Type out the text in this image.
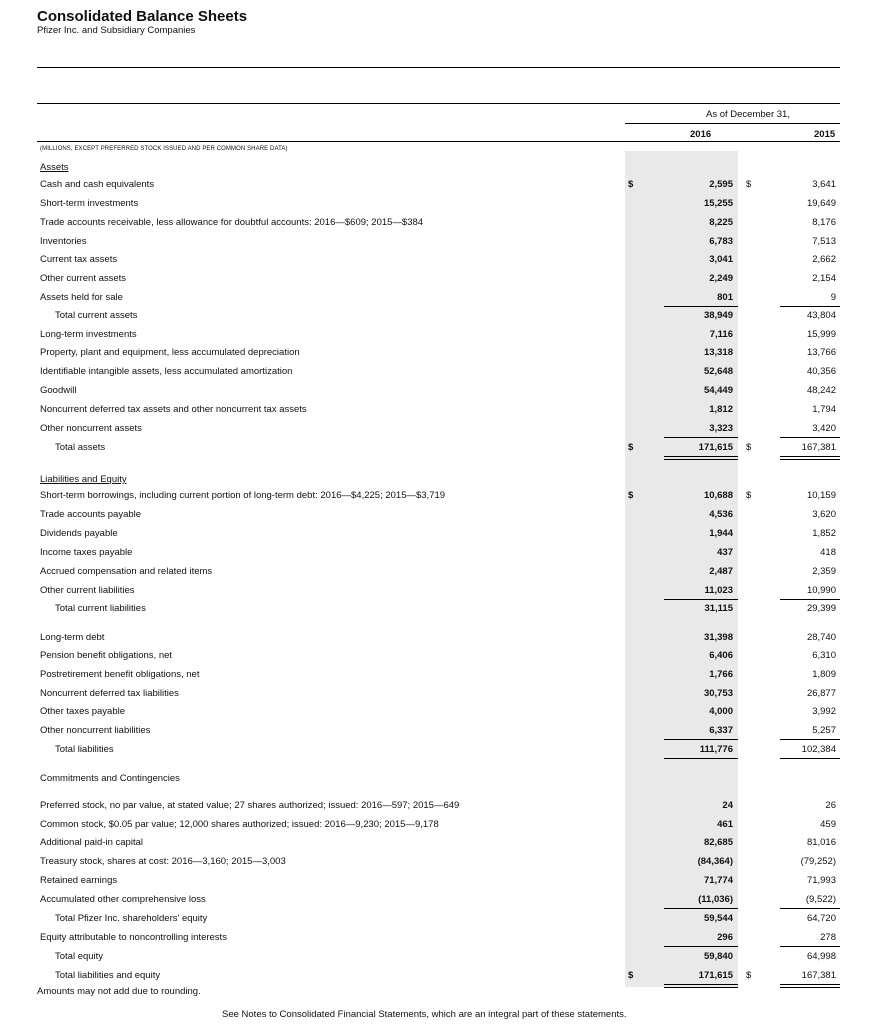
Consolidated Balance Sheets
Pfizer Inc. and Subsidiary Companies
(MILLIONS, EXCEPT PREFERRED STOCK ISSUED AND PER COMMON SHARE DATA)
As of December 31,
2016	2015
Assets
Cash and cash equivalents	$	2,595 $	3,641
Short-term investments	15,255	19,649
Trade accounts receivable, less allowance for doubtful accounts: 2016—$609; 2015—$384	8,225	8,176
Inventories	6,783	7,513
Current tax assets	3,041	2,662
Other current assets	2,249	2,154
Assets held for sale	801	9
Total current assets	38,949	43,804
Long-term investments	7,116	15,999
Property, plant and equipment, less accumulated depreciation	13,318	13,766
Identifiable intangible assets, less accumulated amortization	52,648	40,356
Goodwill	54,449	48,242
Noncurrent deferred tax assets and other noncurrent tax assets	1,812	1,794
Other noncurrent assets	3,323	3,420
Total assets	$	171,615 $	167,381
Liabilities and Equity
Short-term borrowings, including current portion of long-term debt: 2016—$4,225; 2015—$3,719	$	10,688 $	10,159
Trade accounts payable	4,536	3,620
Dividends payable	1,944	1,852
Income taxes payable	437	418
Accrued compensation and related items	2,487	2,359
Other current liabilities	11,023	10,990
Total current liabilities	31,115	29,399
Long-term debt	31,398	28,740
Pension benefit obligations, net	6,406	6,310
Postretirement benefit obligations, net	1,766	1,809
Noncurrent deferred tax liabilities	30,753	26,877
Other taxes payable	4,000	3,992
Other noncurrent liabilities	6,337	5,257
Total liabilities	111,776	102,384
Commitments and Contingencies
Preferred stock, no par value, at stated value; 27 shares authorized; issued: 2016—597; 2015—649	24	26
Common stock, $0.05 par value; 12,000 shares authorized; issued: 2016—9,230; 2015—9,178	461	459
Additional paid-in capital	82,685	81,016
Treasury stock, shares at cost: 2016—3,160; 2015—3,003	(84,364)	(79,252)
Retained earnings	71,774	71,993
Accumulated other comprehensive loss	(11,036)	(9,522)
Total Pfizer Inc. shareholders' equity	59,544	64,720
Equity attributable to noncontrolling interests	296	278
Total equity	59,840	64,998
Total liabilities and equity	$	171,615 $	167,381
Amounts may not add due to rounding.
See Notes to Consolidated Financial Statements, which are an integral part of these statements.
